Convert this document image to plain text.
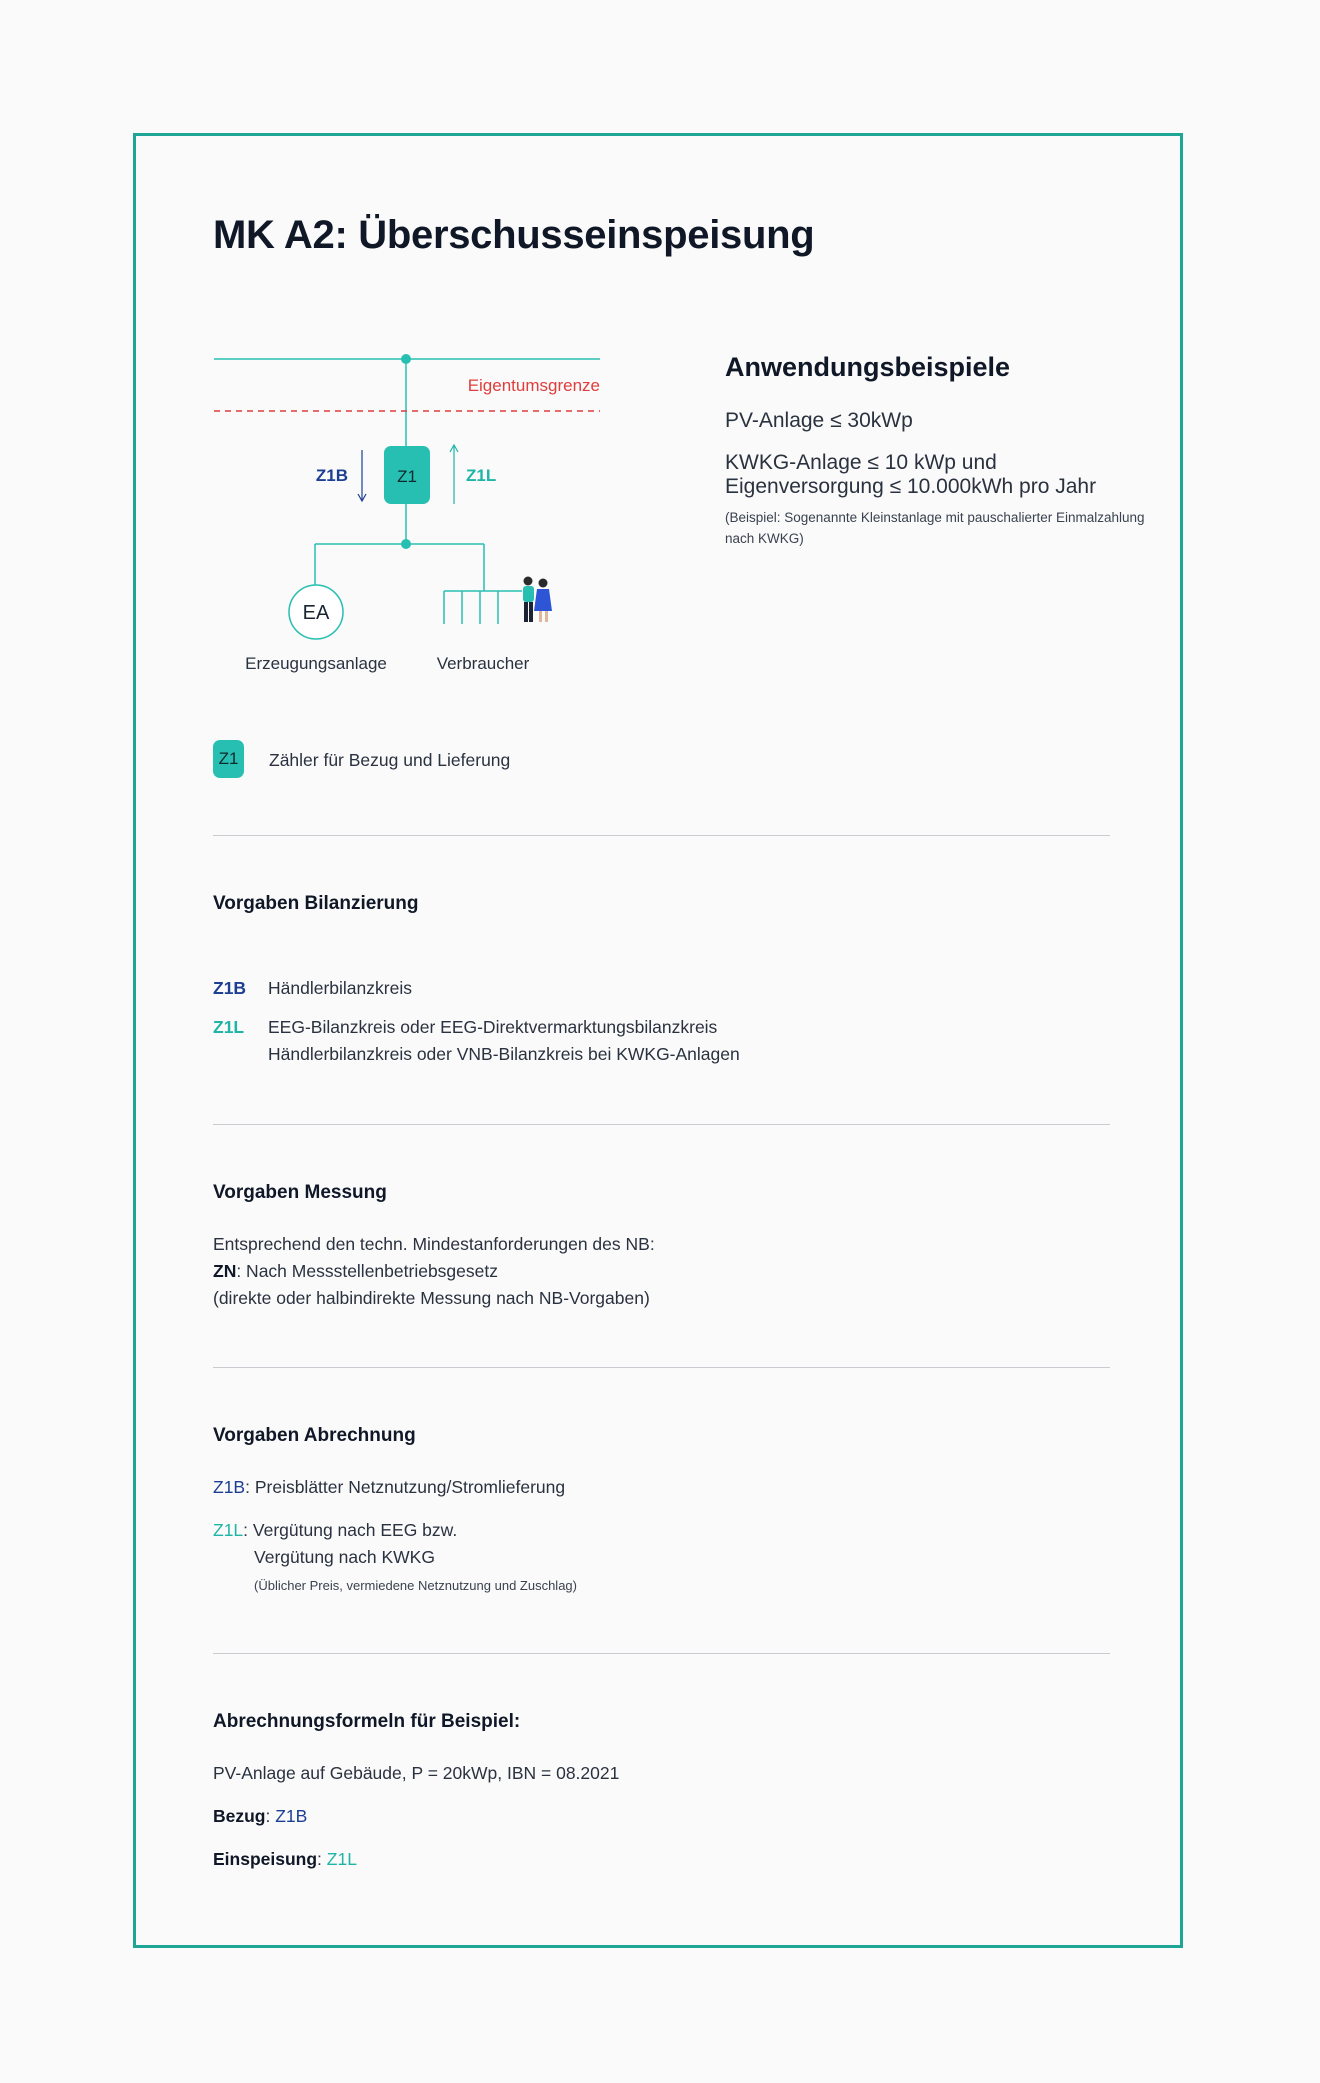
MK A2: Überschusseinspeisung
Eigentumsgrenze
Z1
Z1B	Z1L
EA
Erzeugungsanlage	Verbraucher
Anwendungsbeispiele
PV-Anlage ≤ 30kWp
KWKG-Anlage ≤ 10 kWp und Eigenversorgung ≤ 10.000kWh pro Jahr
(Beispiel: Sogenannte Kleinstanlage mit pauschalierter Einmalzahlung nach KWKG)
Z1	Zähler für Bezug und Lieferung
Vorgaben Bilanzierung
Z1B Händlerbilanzkreis
Z1L EEG-Bilanzkreis oder EEG-Direktvermarktungsbilanzkreis
Händlerbilanzkreis oder VNB-Bilanzkreis bei KWKG-Anlagen
Vorgaben Messung
Entsprechend den techn. Mindestanforderungen des NB:
ZN: Nach Messstellenbetriebsgesetz
(direkte oder halbindirekte Messung nach NB-Vorgaben)
Vorgaben Abrechnung
Z1B: Preisblätter Netznutzung/Stromlieferung
Z1L: Vergütung nach EEG bzw.
Vergütung nach KWKG
(Üblicher Preis, vermiedene Netznutzung und Zuschlag)
Abrechnungsformeln für Beispiel:
PV-Anlage auf Gebäude, P = 20kWp, IBN = 08.2021
Bezug: Z1B
Einspeisung: Z1L
